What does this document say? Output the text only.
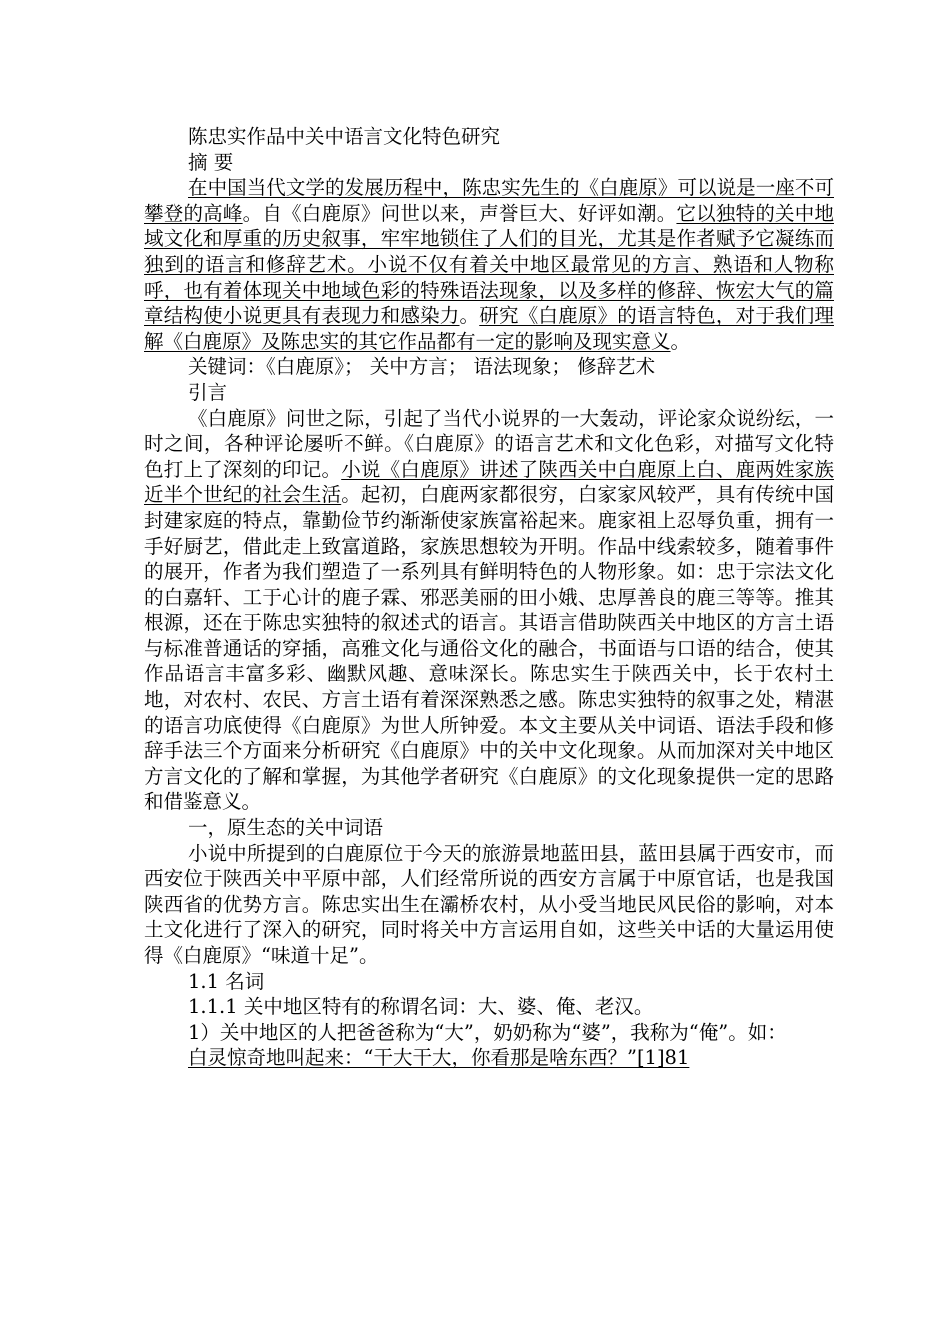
陈忠实作品中关中语言文化特色研究

摘 要

在中国当代文学的发展历程中，陈忠实先生的《白鹿原》可以说是一座不可攀登的高峰。自《白鹿原》问世以来，声誉巨大、好评如潮。它以独特的关中地域文化和厚重的历史叙事，牢牢地锁住了人们的目光，尤其是作者赋予它凝练而独到的语言和修辞艺术。小说不仅有着关中地区最常见的方言、熟语和人物称呼，也有着体现关中地域色彩的特殊语法现象，以及多样的修辞、恢宏大气的篇章结构使小说更具有表现力和感染力。研究《白鹿原》的语言特色，对于我们理解《白鹿原》及陈忠实的其它作品都有一定的影响及现实意义。

关键词：《白鹿原》； 关中方言； 语法现象； 修辞艺术

引言

《白鹿原》问世之际，引起了当代小说界的一大轰动，评论家众说纷纭，一时之间，各种评论屡听不鲜。《白鹿原》的语言艺术和文化色彩，对描写文化特色打上了深刻的印记。小说《白鹿原》讲述了陕西关中白鹿原上白、鹿两姓家族近半个世纪的社会生活。起初，白鹿两家都很穷，白家家风较严，具有传统中国封建家庭的特点，靠勤俭节约渐渐使家族富裕起来。鹿家祖上忍辱负重，拥有一手好厨艺，借此走上致富道路，家族思想较为开明。作品中线索较多，随着事件的展开，作者为我们塑造了一系列具有鲜明特色的人物形象。如：忠于宗法文化的白嘉轩、工于心计的鹿子霖、邪恶美丽的田小娥、忠厚善良的鹿三等等。推其根源，还在于陈忠实独特的叙述式的语言。其语言借助陕西关中地区的方言土语与标准普通话的穿插，高雅文化与通俗文化的融合，书面语与口语的结合，使其作品语言丰富多彩、幽默风趣、意味深长。陈忠实生于陕西关中，长于农村土地，对农村、农民、方言土语有着深深熟悉之感。陈忠实独特的叙事之处，精湛的语言功底使得《白鹿原》为世人所钟爱。本文主要从关中词语、语法手段和修辞手法三个方面来分析研究《白鹿原》中的关中文化现象。从而加深对关中地区方言文化的了解和掌握，为其他学者研究《白鹿原》的文化现象提供一定的思路和借鉴意义。

一，原生态的关中词语

小说中所提到的白鹿原位于今天的旅游景地蓝田县，蓝田县属于西安市，而西安位于陕西关中平原中部，人们经常所说的西安方言属于中原官话，也是我国陕西省的优势方言。陈忠实出生在灞桥农村，从小受当地民风民俗的影响，对本土文化进行了深入的研究，同时将关中方言运用自如，这些关中话的大量运用使得《白鹿原》“味道十足”。

1.1 名词

1.1.1 关中地区特有的称谓名词：大、婆、俺、老汉。

1）关中地区的人把爸爸称为“大”，奶奶称为“婆”，我称为“俺”。如：

白灵惊奇地叫起来：“干大干大，你看那是啥东西？”[1]81
